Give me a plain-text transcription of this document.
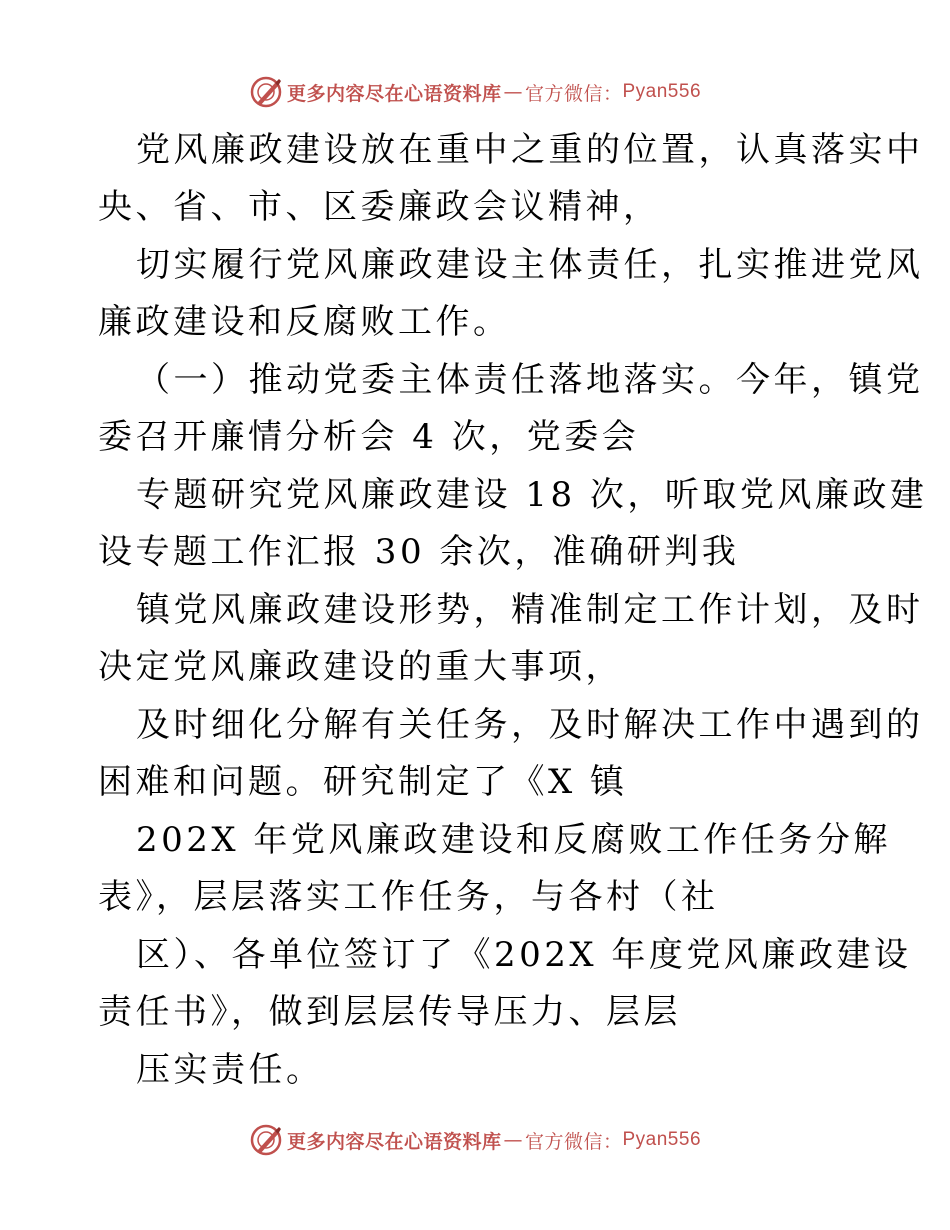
更多内容尽在心语资料库 — 官方微信： Pyan556
党风廉政建设放在重中之重的位置，认真落实中
央、省、市、区委廉政会议精神，
切实履行党风廉政建设主体责任，扎实推进党风
廉政建设和反腐败工作。
（一）推动党委主体责任落地落实。今年，镇党
委召开廉情分析会 4 次，党委会
专题研究党风廉政建设 18 次，听取党风廉政建
设专题工作汇报 30 余次，准确研判我
镇党风廉政建设形势，精准制定工作计划，及时
决定党风廉政建设的重大事项，
及时细化分解有关任务，及时解决工作中遇到的
困难和问题。研究制定了《X 镇
202X 年党风廉政建设和反腐败工作任务分解
表》，层层落实工作任务，与各村（社
区）、各单位签订了《202X 年度党风廉政建设
责任书》，做到层层传导压力、层层
压实责任。
更多内容尽在心语资料库 — 官方微信： Pyan556
